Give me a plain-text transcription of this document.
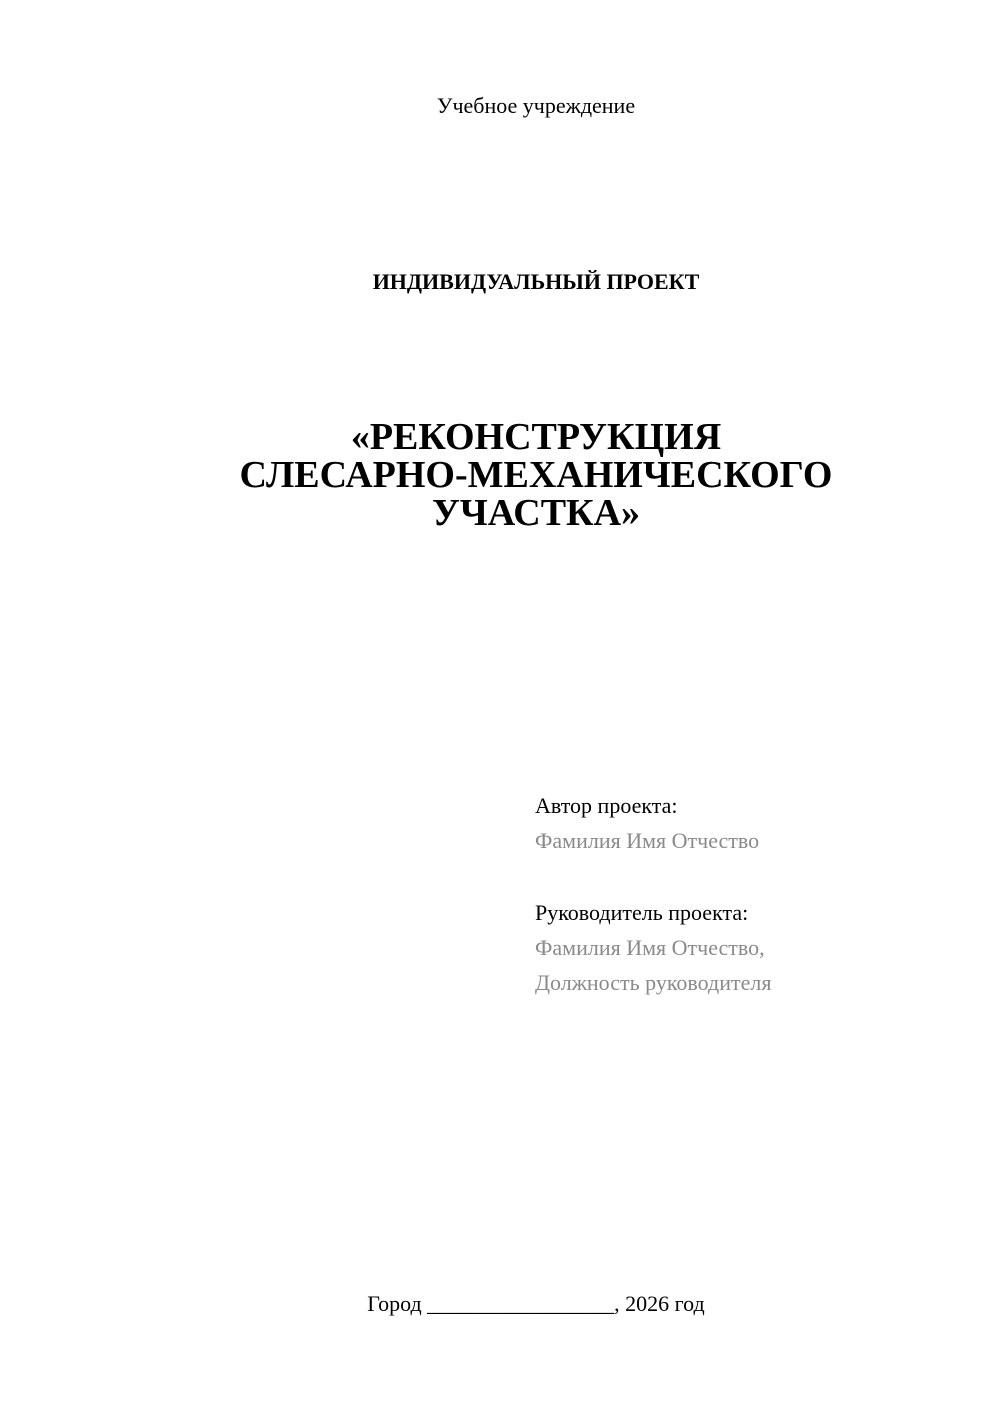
Учебное учреждение
ИНДИВИДУАЛЬНЫЙ ПРОЕКТ
«РЕКОНСТРУКЦИЯ
СЛЕСАРНО-МЕХАНИЧЕСКОГО
УЧАСТКА»
Автор проекта:
Фамилия Имя Отчество
Руководитель проекта:
Фамилия Имя Отчество,
Должность руководителя
Город _________________, 2026 год
